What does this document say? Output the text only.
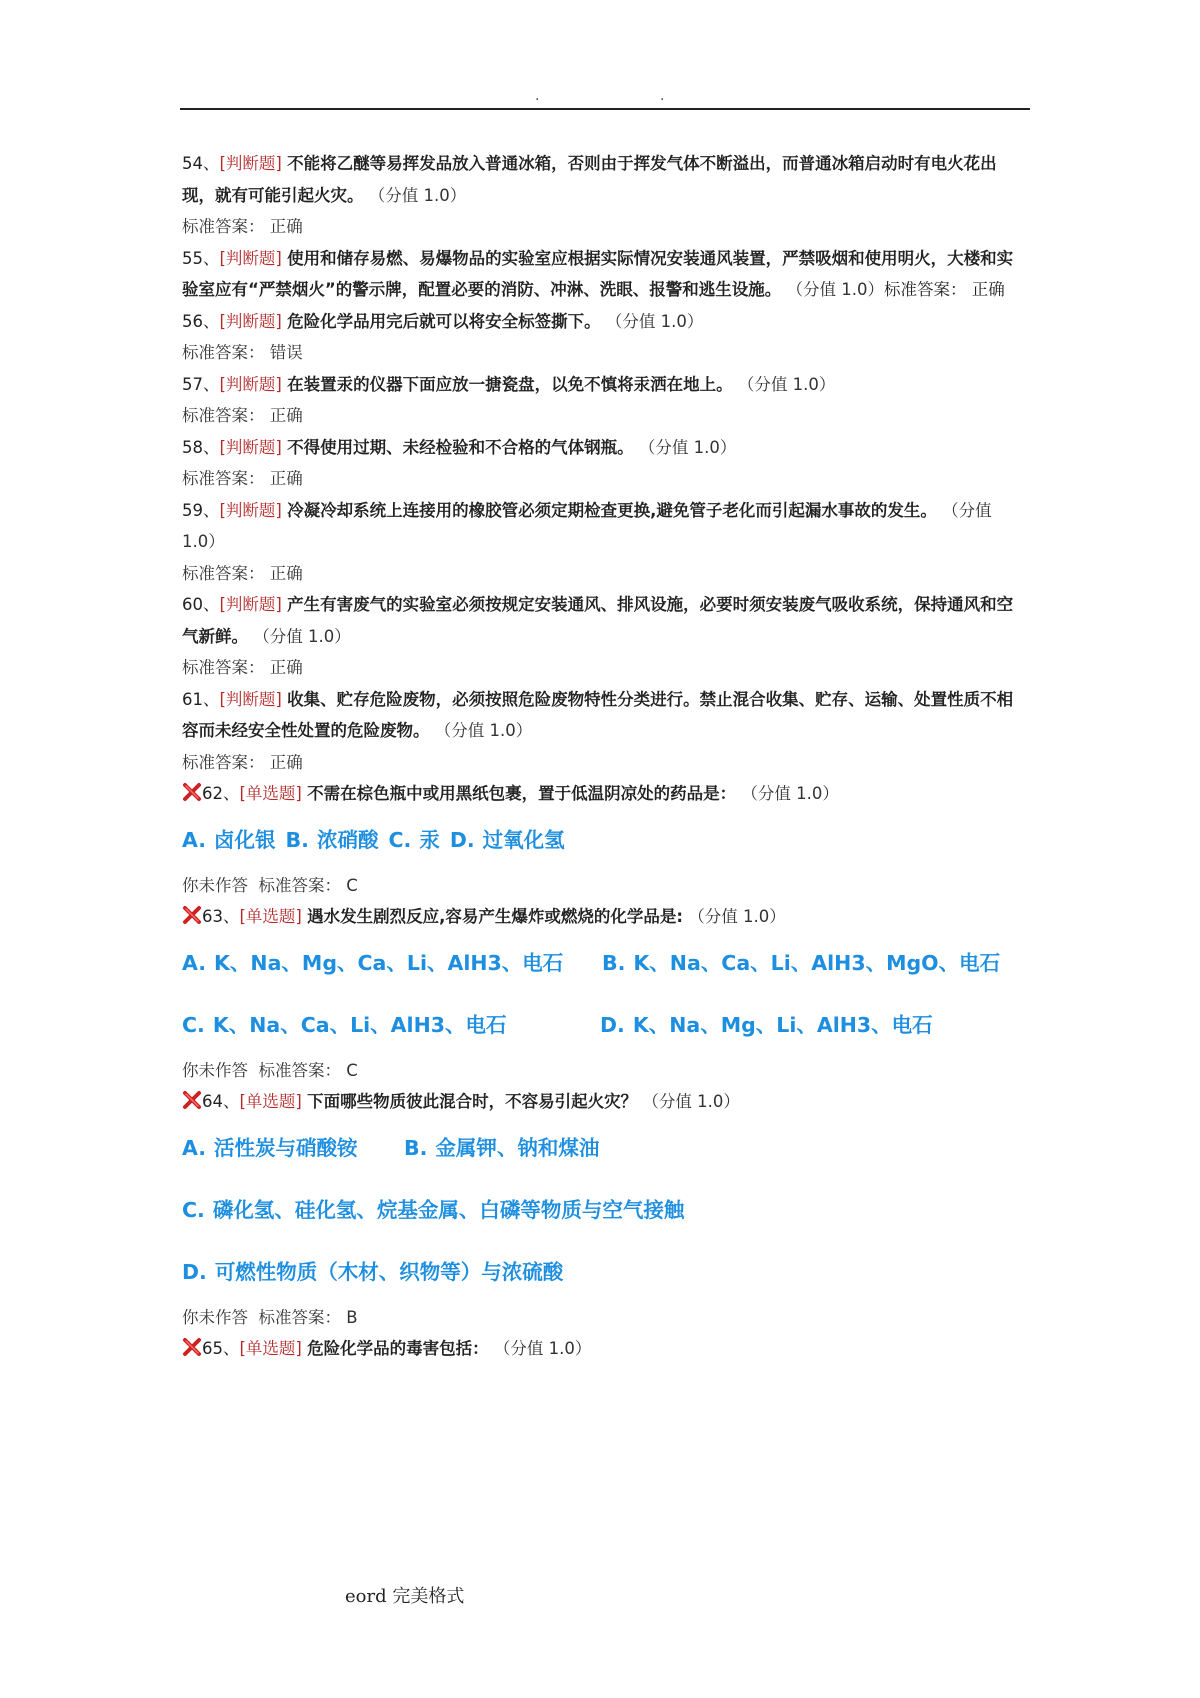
.	.

54、[判断题] 不能将乙醚等易挥发品放入普通冰箱，否则由于挥发气体不断溢出，而普通冰箱启动时有电火花出现，就有可能引起火灾。 （分值 1.0）

标准答案： 正确

55、[判断题] 使用和储存易燃、易爆物品的实验室应根据实际情况安装通风装置，严禁吸烟和使用明火，大楼和实验室应有“严禁烟火”的警示牌，配置必要的消防、冲淋、洗眼、报警和逃生设施。 （分值 1.0）标准答案： 正确

56、[判断题] 危险化学品用完后就可以将安全标签撕下。 （分值 1.0）

标准答案： 错误

57、[判断题] 在装置汞的仪器下面应放一搪瓷盘，以免不慎将汞洒在地上。 （分值 1.0）

标准答案： 正确

58、[判断题] 不得使用过期、未经检验和不合格的气体钢瓶。 （分值 1.0）

标准答案： 正确

59、[判断题] 冷凝冷却系统上连接用的橡胶管必须定期检查更换,避免管子老化而引起漏水事故的发生。 （分值 1.0）

标准答案： 正确

60、[判断题] 产生有害废气的实验室必须按规定安装通风、排风设施，必要时须安装废气吸收系统，保持通风和空气新鲜。 （分值 1.0）

标准答案： 正确

61、[判断题] 收集、贮存危险废物，必须按照危险废物特性分类进行。禁止混合收集、贮存、运输、处置性质不相容而未经安全性处置的危险废物。 （分值 1.0）

标准答案： 正确

62、[单选题] 不需在棕色瓶中或用黑纸包裹，置于低温阴凉处的药品是： （分值 1.0）

A. 卤化银 B. 浓硝酸 C. 汞 D. 过氧化氢

你未作答 标准答案： C

63、[单选题] 遇水发生剧烈反应,容易产生爆炸或燃烧的化学品是: （分值 1.0）

A. K、Na、Mg、Ca、Li、AlH3、电石	B. K、Na、Ca、Li、AlH3、MgO、电石
C. K、Na、Ca、Li、AlH3、电石	D. K、Na、Mg、Li、AlH3、电石

你未作答 标准答案： C

64、[单选题] 下面哪些物质彼此混合时，不容易引起火灾？ （分值 1.0）

A. 活性炭与硝酸铵	B. 金属钾、钠和煤油
C. 磷化氢、硅化氢、烷基金属、白磷等物质与空气接触
D. 可燃性物质（木材、织物等）与浓硫酸

你未作答 标准答案： B

65、[单选题] 危险化学品的毒害包括： （分值 1.0）

eord 完美格式
